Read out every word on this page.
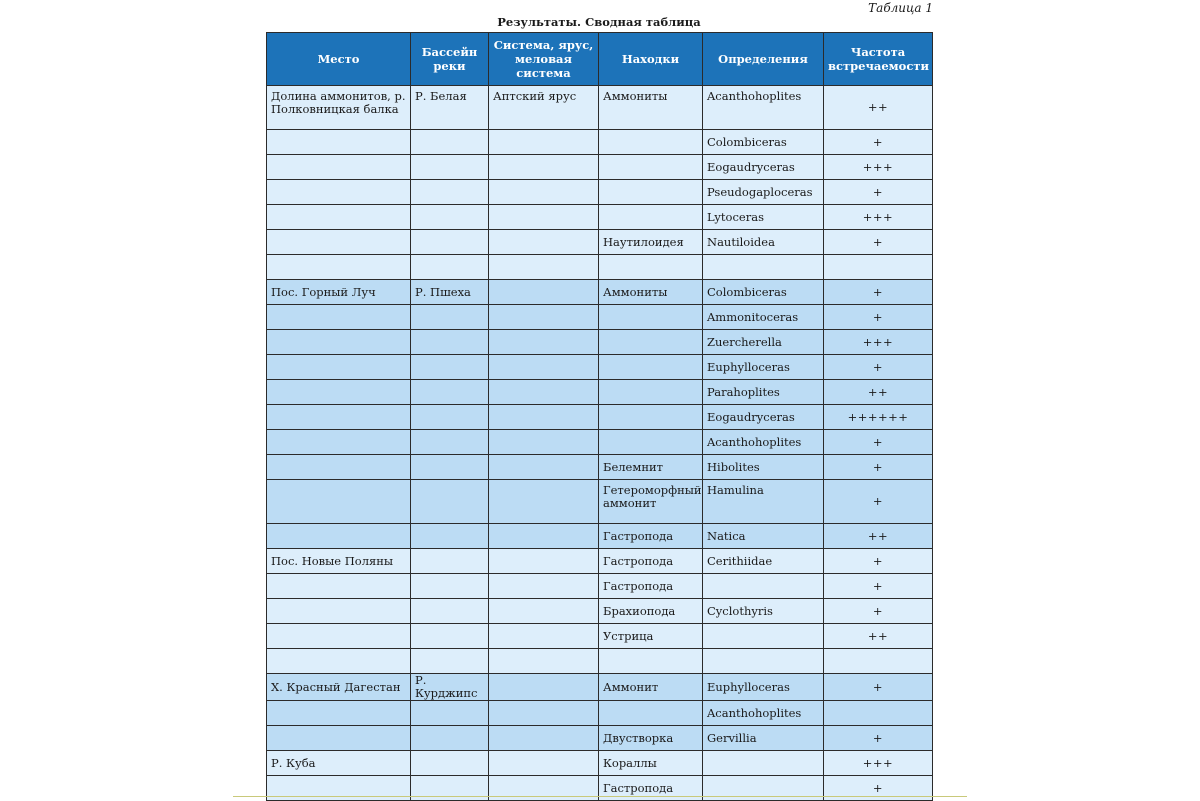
Таблица 1
Результаты. Сводная таблица
Место	Бассейн реки	Система, ярус, меловая система	Находки	Определения	Частота встречаемости
Долина аммонитов, р. Полковницкая балка	Р. Белая	Аптский ярус	Аммониты	Acanthohoplites	++
				Colombiceras	+
				Eogaudryceras	+++
				Pseudogaploceras	+
				Lytoceras	+++
			Наутилоидея	Nautiloidea	+

Пос. Горный Луч	Р. Пшеха		Аммониты	Colombiceras	+
				Ammonitoceras	+
				Zuercherella	+++
				Euphylloceras	+
				Parahoplites	++
				Eogaudryceras	++++++
				Acanthohoplites	+
			Белемнит	Hibolites	+
			Гетероморфный аммонит	Hamulina	+
			Гастропода	Natica	++
Пос. Новые Поляны			Гастропода	Cerithiidae	+
			Гастропода		+
			Брахиопода	Cyclothyris	+
			Устрица		++

Х. Красный Дагестан	Р. Курджипс		Аммонит	Euphylloceras	+
				Acanthohoplites	
			Двустворка	Gervillia	+
Р. Куба			Кораллы		+++
			Гастропода		+
